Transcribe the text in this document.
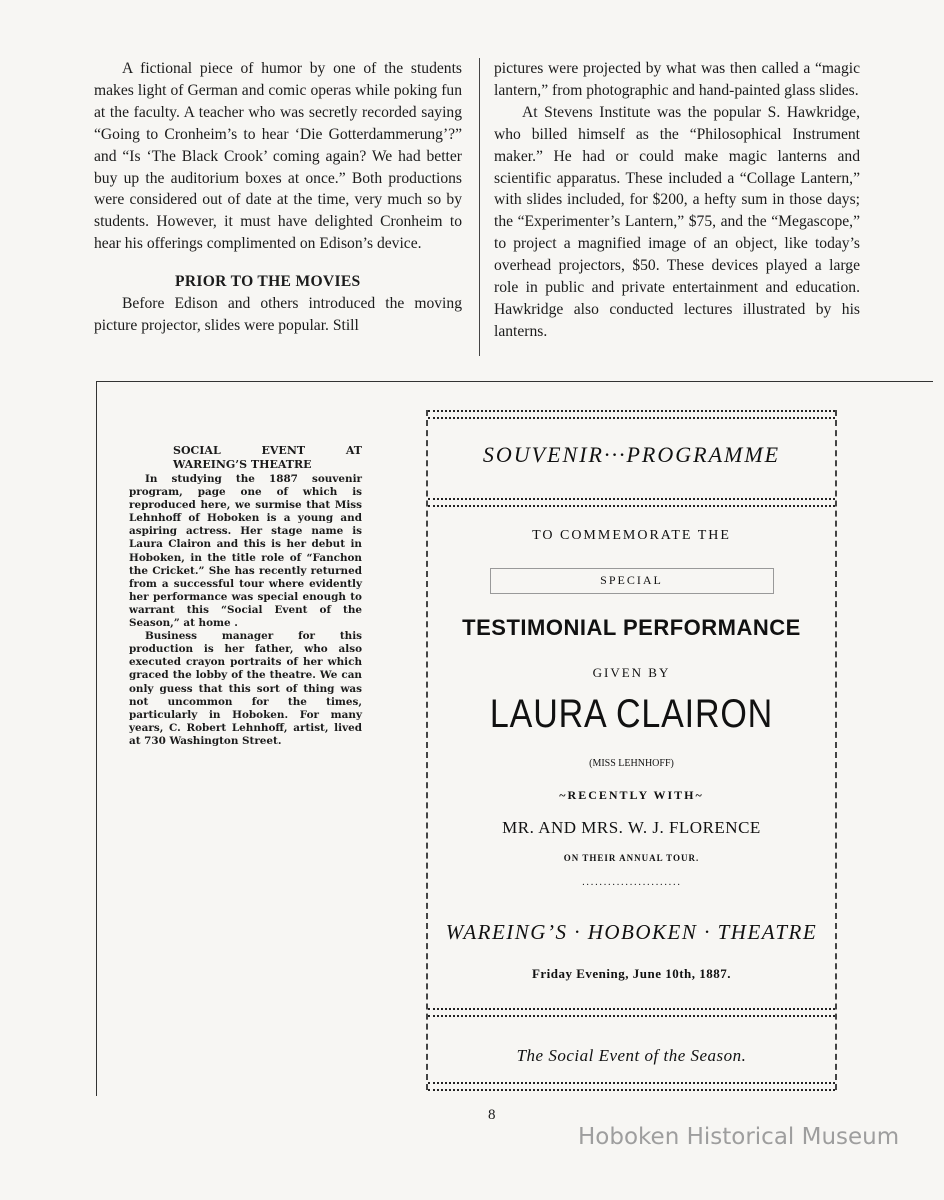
A fictional piece of humor by one of the students makes light of German and comic operas while poking fun at the faculty. A teacher who was secretly recorded saying “Going to Cronheim’s to hear ‘Die Gotterdammerung’?” and “Is ‘The Black Crook’ coming again? We had better buy up the auditorium boxes at once.” Both productions were considered out of date at the time, very much so by students. However, it must have delighted Cronheim to hear his offerings complimented on Edison’s device.

PRIOR TO THE MOVIES

Before Edison and others introduced the moving picture projector, slides were popular. Still

pictures were projected by what was then called a “magic lantern,” from photographic and hand-painted glass slides.

At Stevens Institute was the popular S. Hawkridge, who billed himself as the “Philosophical Instrument maker.” He had or could make magic lanterns and scientific apparatus. These included a “Collage Lantern,” with slides included, for $200, a hefty sum in those days; the “Experimenter’s Lantern,” $75, and the “Megascope,” to project a magnified image of an object, like today’s overhead projectors, $50. These devices played a large role in public and private entertainment and education. Hawkridge also conducted lectures illustrated by his lanterns.

SOCIAL EVENT AT WAREING’S THEATRE

In studying the 1887 souvenir program, page one of which is reproduced here, we surmise that Miss Lehnhoff of Hoboken is a young and aspiring actress. Her stage name is Laura Clairon and this is her debut in Hoboken, in the title role of “Fanchon the Cricket.” She has recently returned from a successful tour where evidently her performance was special enough to warrant this “Social Event of the Season,” at home .

Business manager for this production is her father, who also executed crayon portraits of her which graced the lobby of the theatre. We can only guess that this sort of thing was not uncommon for the times, particularly in Hoboken. For many years, C. Robert Lehnhoff, artist, lived at 730 Washington Street.

SOUVENIR···PROGRAMME
TO COMMEMORATE THE
SPECIAL
TESTIMONIAL PERFORMANCE
GIVEN BY
LAURA CLAIRON
(MISS LEHNHOFF)
~RECENTLY WITH~
MR. AND MRS. W. J. FLORENCE
ON THEIR ANNUAL TOUR.
·······················
WAREING’S · HOBOKEN · THEATRE
Friday Evening, June 10th, 1887.
The Social Event of the Season.
8
Hoboken Historical Museum
